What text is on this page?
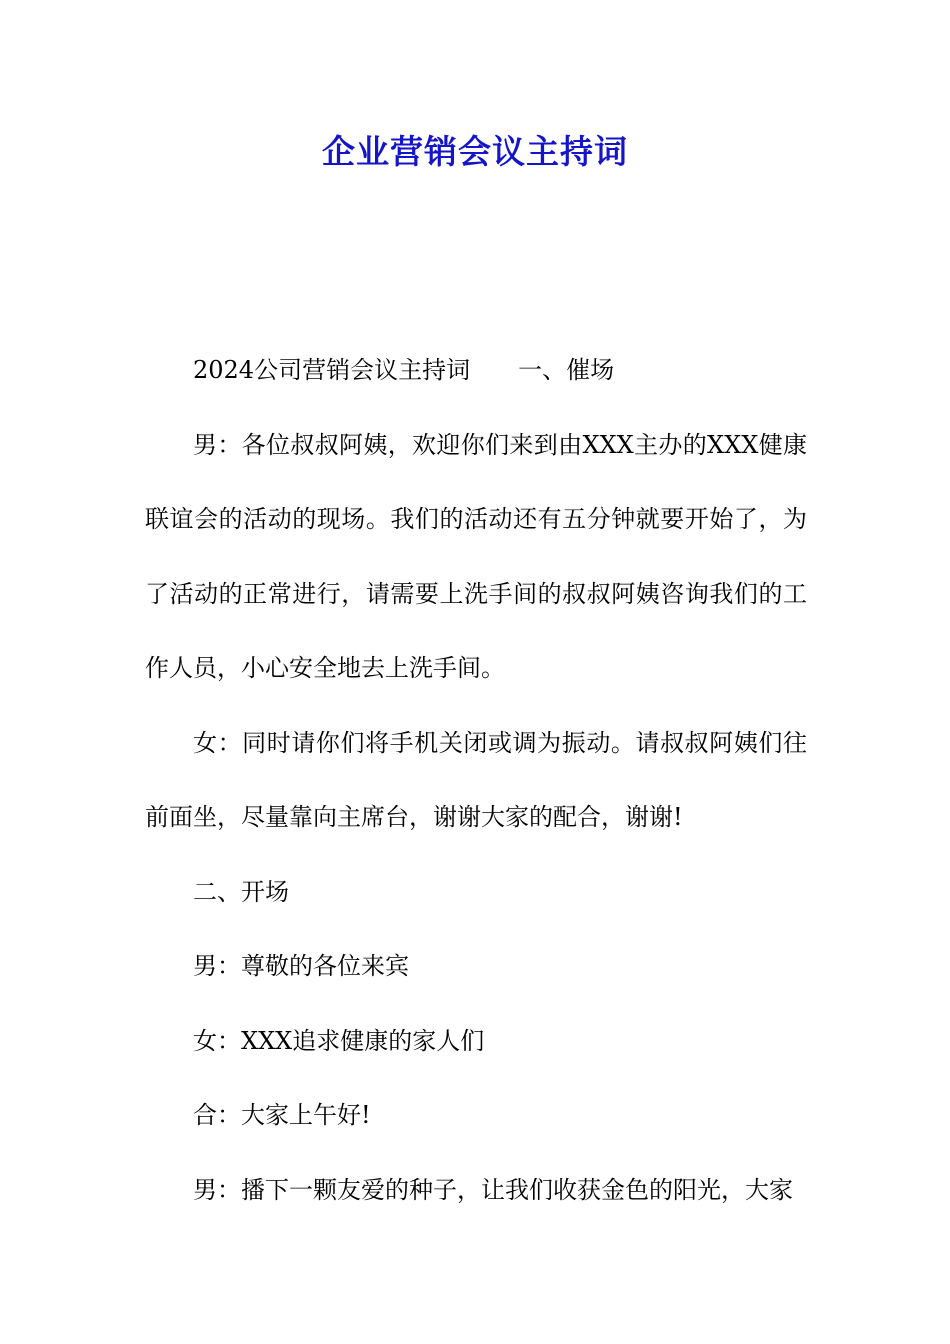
企业营销会议主持词

2024公司营销会议主持词 一、催场

男：各位叔叔阿姨，欢迎你们来到由XXX主办的XXX健康联谊会的活动的现场。我们的活动还有五分钟就要开始了，为了活动的正常进行，请需要上洗手间的叔叔阿姨咨询我们的工作人员，小心安全地去上洗手间。

女：同时请你们将手机关闭或调为振动。请叔叔阿姨们往前面坐，尽量靠向主席台，谢谢大家的配合，谢谢!

二、开场

男：尊敬的各位来宾

女：XXX追求健康的家人们

合：大家上午好!

男：播下一颗友爱的种子，让我们收获金色的阳光，大家
